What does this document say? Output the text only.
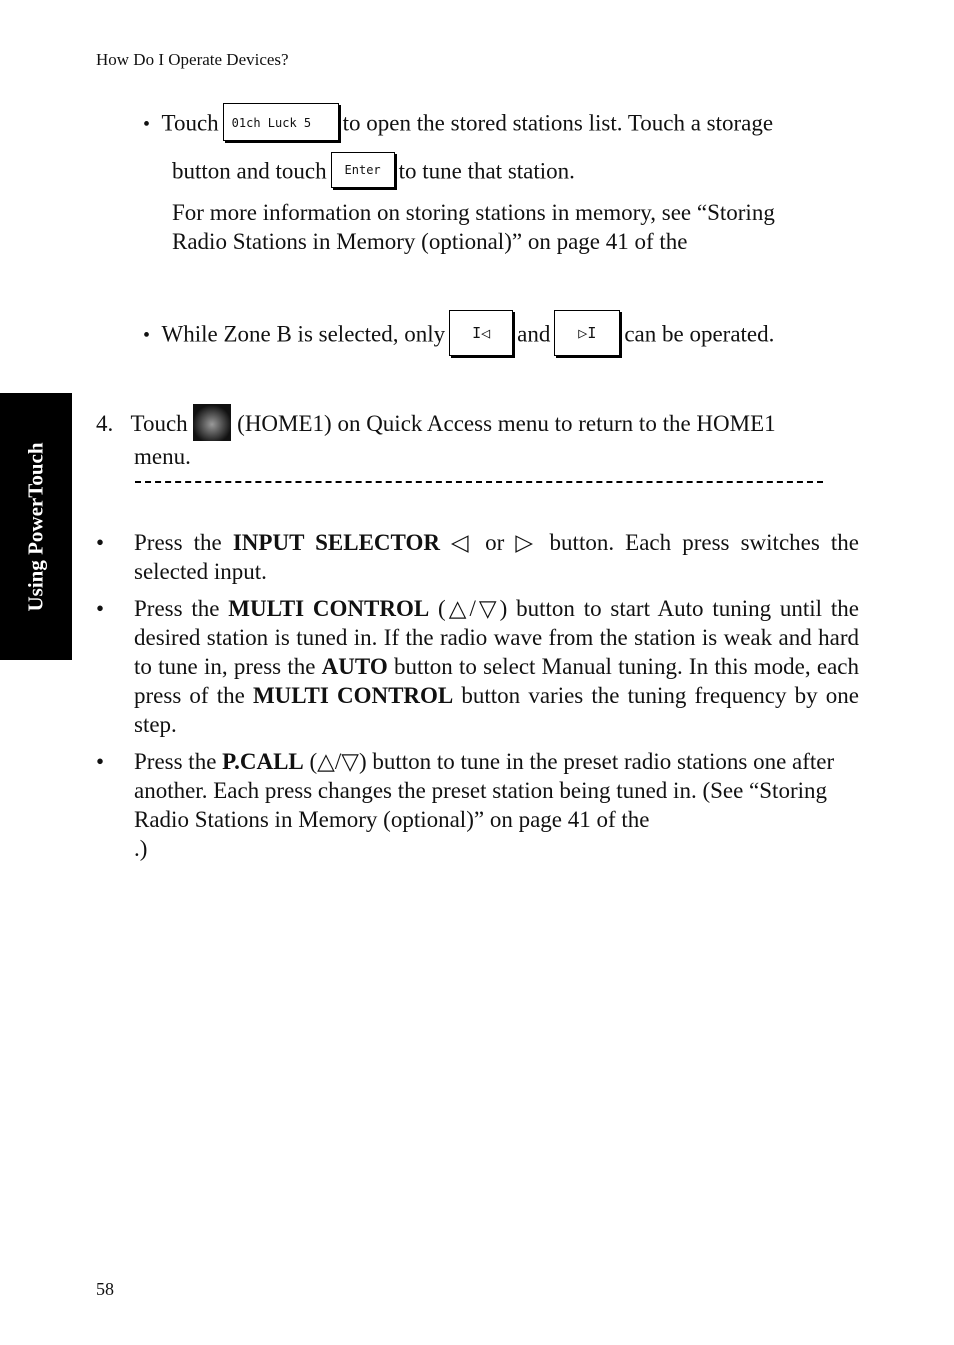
How Do I Operate Devices?
Using PowerTouch
• Touch 01ch Luck 5 to open the stored stations list. Touch a storage
button and touch Enter to tune that station.
For more information on storing stations in memory, see “Storing
Radio Stations in Memory (optional)” on page 41 of the
• While Zone B is selected, only I◁ and ▷I can be operated.
4. Touch (HOME1) on Quick Access menu to return to the HOME1
menu.
• Press the INPUT SELECTOR ◁ or ▷ button. Each press switches the selected input.
• Press the MULTI CONTROL (△/▽) button to start Auto tuning until the desired station is tuned in. If the radio wave from the station is weak and hard to tune in, press the AUTO button to select Manual tuning. In this mode, each press of the MULTI CONTROL button varies the tuning frequency by one step.
• Press the P.CALL (△/▽) button to tune in the preset radio stations one after another. Each press changes the preset station being tuned in. (See “Storing Radio Stations in Memory (optional)” on page 41 of the                                    .)
58
